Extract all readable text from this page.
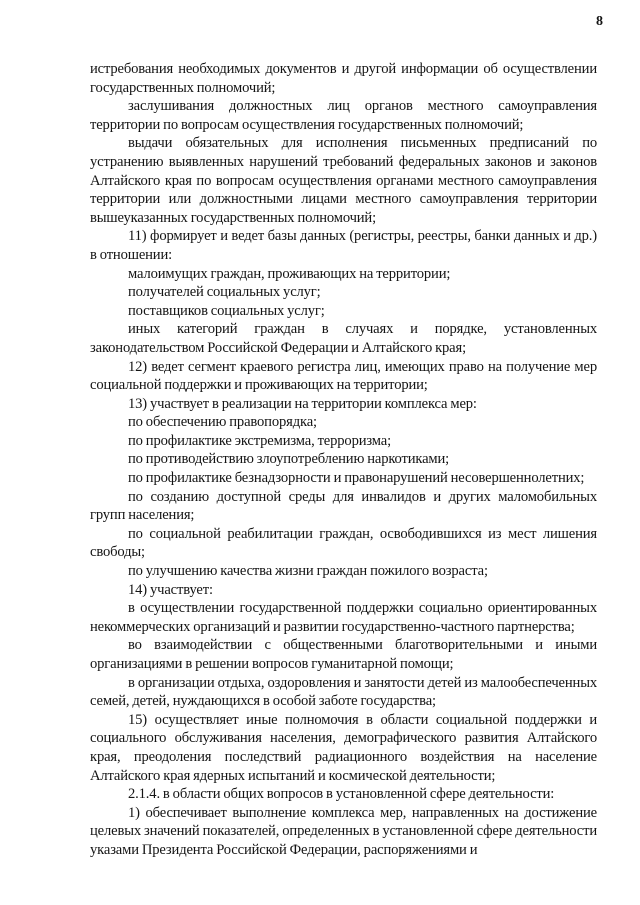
8

истребования необходимых документов и другой информации об осуществлении государственных полномочий;

заслушивания должностных лиц органов местного самоуправления территории по вопросам осуществления государственных полномочий;

выдачи обязательных для исполнения письменных предписаний по устранению выявленных нарушений требований федеральных законов и законов Алтайского края по вопросам осуществления органами местного самоуправления территории или должностными лицами местного самоуправления территории вышеуказанных государственных полномочий;

11) формирует и ведет базы данных (регистры, реестры, банки данных и др.) в отношении:

малоимущих граждан, проживающих на территории;

получателей социальных услуг;

поставщиков социальных услуг;

иных категорий граждан в случаях и порядке, установленных законодательством Российской Федерации и Алтайского края;

12) ведет сегмент краевого регистра лиц, имеющих право на получение мер социальной поддержки и проживающих на территории;

13) участвует в реализации на территории комплекса мер:

по обеспечению правопорядка;

по профилактике экстремизма, терроризма;

по противодействию злоупотреблению наркотиками;

по профилактике безнадзорности и правонарушений несовершеннолетних;

по созданию доступной среды для инвалидов и других маломобильных групп населения;

по социальной реабилитации граждан, освободившихся из мест лишения свободы;

по улучшению качества жизни граждан пожилого возраста;

14) участвует:

в осуществлении государственной поддержки социально ориентированных некоммерческих организаций и развитии государственно-частного партнерства;

во взаимодействии с общественными благотворительными и иными организациями в решении вопросов гуманитарной помощи;

в организации отдыха, оздоровления и занятости детей из малообеспеченных семей, детей, нуждающихся в особой заботе государства;

15) осуществляет иные полномочия в области социальной поддержки и социального обслуживания населения, демографического развития Алтайского края, преодоления последствий радиационного воздействия на население Алтайского края ядерных испытаний и космической деятельности;

2.1.4. в области общих вопросов в установленной сфере деятельности:

1) обеспечивает выполнение комплекса мер, направленных на достижение целевых значений показателей, определенных в установленной сфере деятельности указами Президента Российской Федерации, распоряжениями и
